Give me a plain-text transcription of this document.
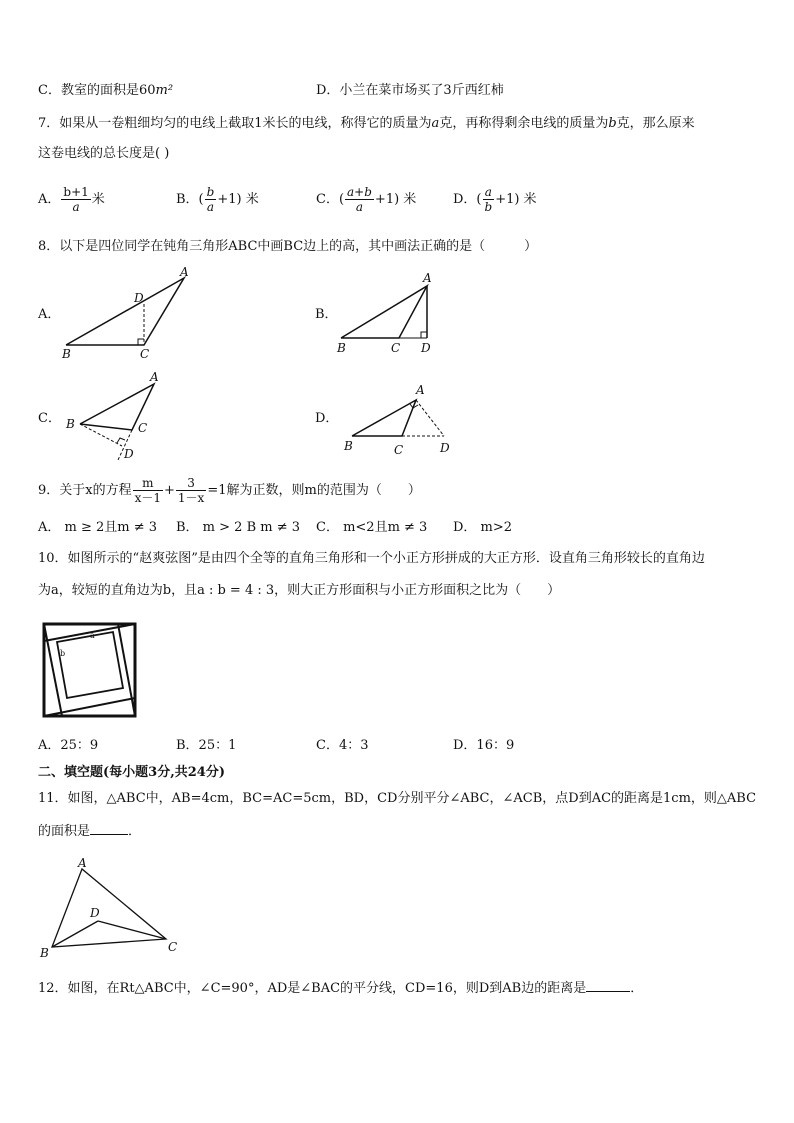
C．教室的面积是60m²	D．小兰在菜市场买了3斤西红柿
7．如果从一卷粗细均匀的电线上截取1米长的电线，称得它的质量为a克，再称得剩余电线的质量为b克，那么原来
这卷电线的总长度是( )
A． $\frac{b+1}{a}$ 米	B．( $\frac{b}{a} +1$) 米	C．( $\frac{a+b}{a} +1$) 米	D．( $\frac{a}{b} +1$) 米
8．以下是四位同学在钝角三角形ABC中画BC边上的高，其中画法正确的是（　　　）
A．
A
B	C
D
B．
A
B	C D
C．
A
B	C
D
D．
A
B	C	D
9．关于x的方程 $\frac{m}{x-1} + \frac{3}{1-x} =1$解为正数，则m的范围为（　　）
A． m ≥ 2且m ≠ 3 B． m > 2 B m ≠ 3 C． m<2且m ≠ 3 D． m>2
10．如图所示的“赵爽弦图”是由四个全等的直角三角形和一个小正方形拼成的大正方形．设直角三角形较长的直角边
为a，较短的直角边为b，且a : b = 4 : 3，则大正方形面积与小正方形面积之比为（　　）
a
b
A．25：9	B．25：1	C．4：3	D．16：9
二、填空题(每小题3分,共24分)
11．如图，△ABC中，AB=4cm，BC=AC=5cm，BD，CD分别平分∠ABC，∠ACB，点D到AC的距离是1cm，则△ABC
的面积是	．
A
B	C
D
12．如图，在Rt△ABC中，∠C=90°，AD是∠BAC的平分线，CD=16，则D到AB边的距离是	．
